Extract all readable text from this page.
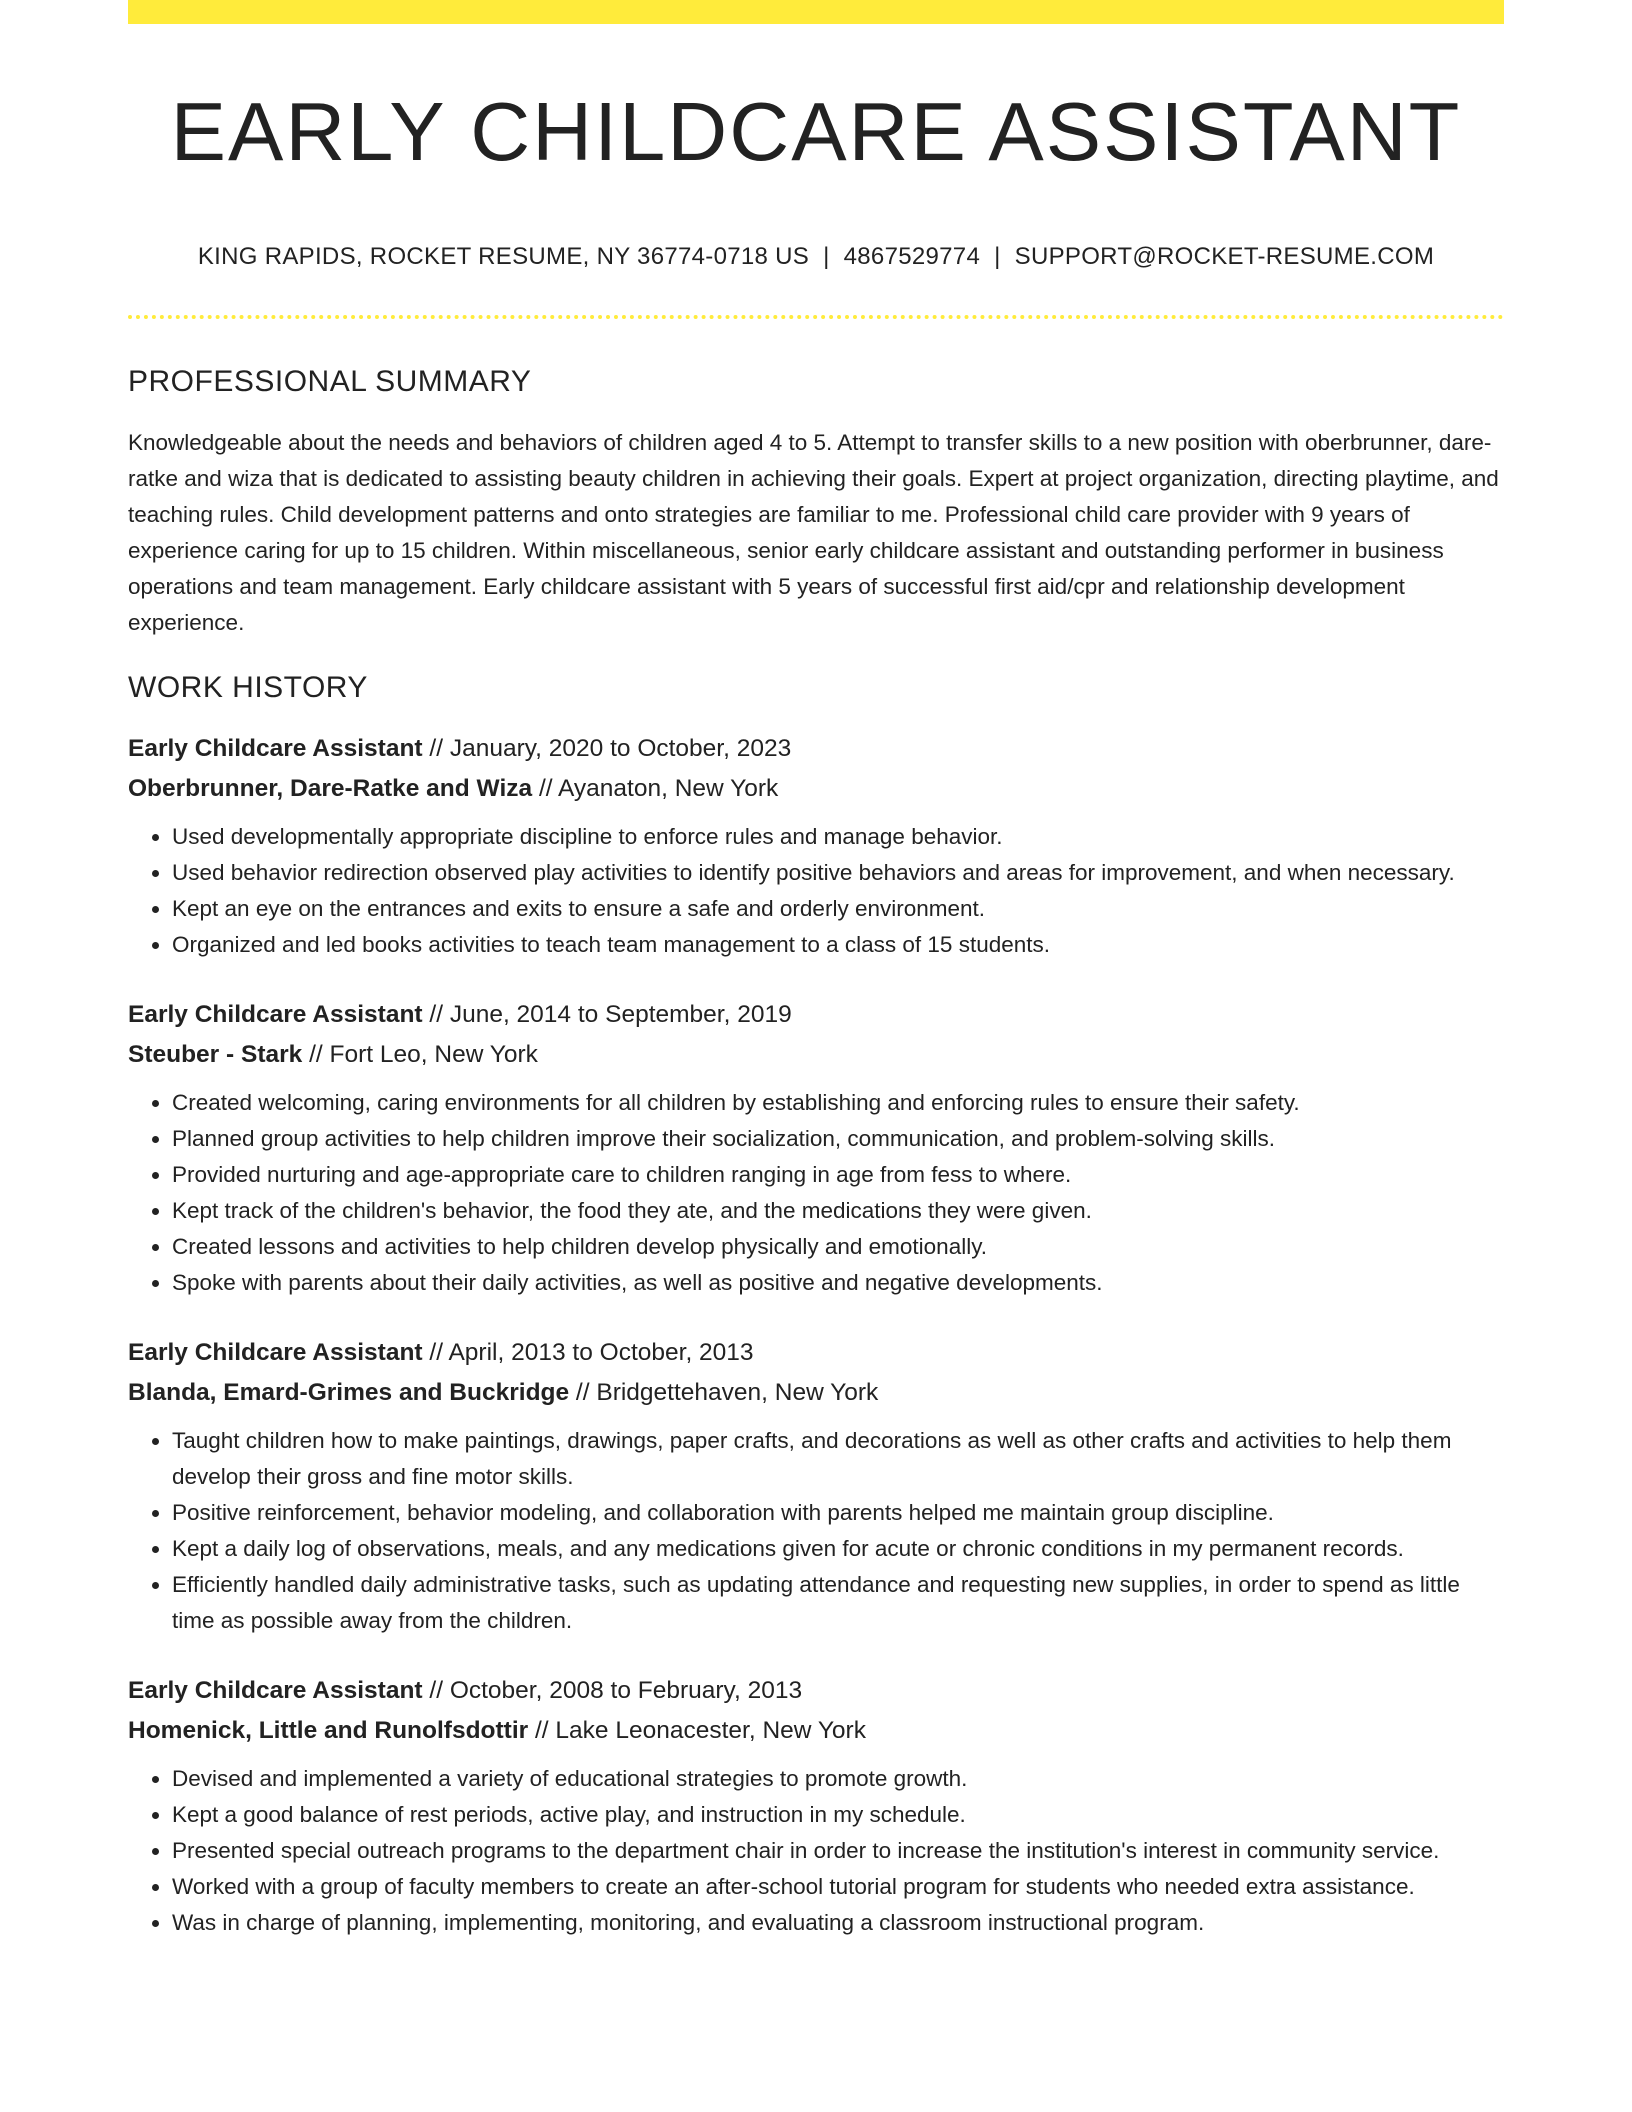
EARLY CHILDCARE ASSISTANT
KING RAPIDS, ROCKET RESUME, NY 36774-0718 US | 4867529774 | SUPPORT@ROCKET-RESUME.COM
PROFESSIONAL SUMMARY

Knowledgeable about the needs and behaviors of children aged 4 to 5. Attempt to transfer skills to a new position with oberbrunner, dare-ratke and wiza that is dedicated to assisting beauty children in achieving their goals. Expert at project organization, directing playtime, and teaching rules. Child development patterns and onto strategies are familiar to me. Professional child care provider with 9 years of experience caring for up to 15 children. Within miscellaneous, senior early childcare assistant and outstanding performer in business operations and team management. Early childcare assistant with 5 years of successful first aid/cpr and relationship development experience.

WORK HISTORY
Early Childcare Assistant // January, 2020 to October, 2023
Oberbrunner, Dare-Ratke and Wiza // Ayanaton, New York
• Used developmentally appropriate discipline to enforce rules and manage behavior.
• Used behavior redirection observed play activities to identify positive behaviors and areas for improvement, and when necessary.
• Kept an eye on the entrances and exits to ensure a safe and orderly environment.
• Organized and led books activities to teach team management to a class of 15 students.
Early Childcare Assistant // June, 2014 to September, 2019
Steuber - Stark // Fort Leo, New York
• Created welcoming, caring environments for all children by establishing and enforcing rules to ensure their safety.
• Planned group activities to help children improve their socialization, communication, and problem-solving skills.
• Provided nurturing and age-appropriate care to children ranging in age from fess to where.
• Kept track of the children's behavior, the food they ate, and the medications they were given.
• Created lessons and activities to help children develop physically and emotionally.
• Spoke with parents about their daily activities, as well as positive and negative developments.
Early Childcare Assistant // April, 2013 to October, 2013
Blanda, Emard-Grimes and Buckridge // Bridgettehaven, New York
• Taught children how to make paintings, drawings, paper crafts, and decorations as well as other crafts and activities to help them develop their gross and fine motor skills.
• Positive reinforcement, behavior modeling, and collaboration with parents helped me maintain group discipline.
• Kept a daily log of observations, meals, and any medications given for acute or chronic conditions in my permanent records.
• Efficiently handled daily administrative tasks, such as updating attendance and requesting new supplies, in order to spend as little time as possible away from the children.
Early Childcare Assistant // October, 2008 to February, 2013
Homenick, Little and Runolfsdottir // Lake Leonacester, New York
• Devised and implemented a variety of educational strategies to promote growth.
• Kept a good balance of rest periods, active play, and instruction in my schedule.
• Presented special outreach programs to the department chair in order to increase the institution's interest in community service.
• Worked with a group of faculty members to create an after-school tutorial program for students who needed extra assistance.
• Was in charge of planning, implementing, monitoring, and evaluating a classroom instructional program.
